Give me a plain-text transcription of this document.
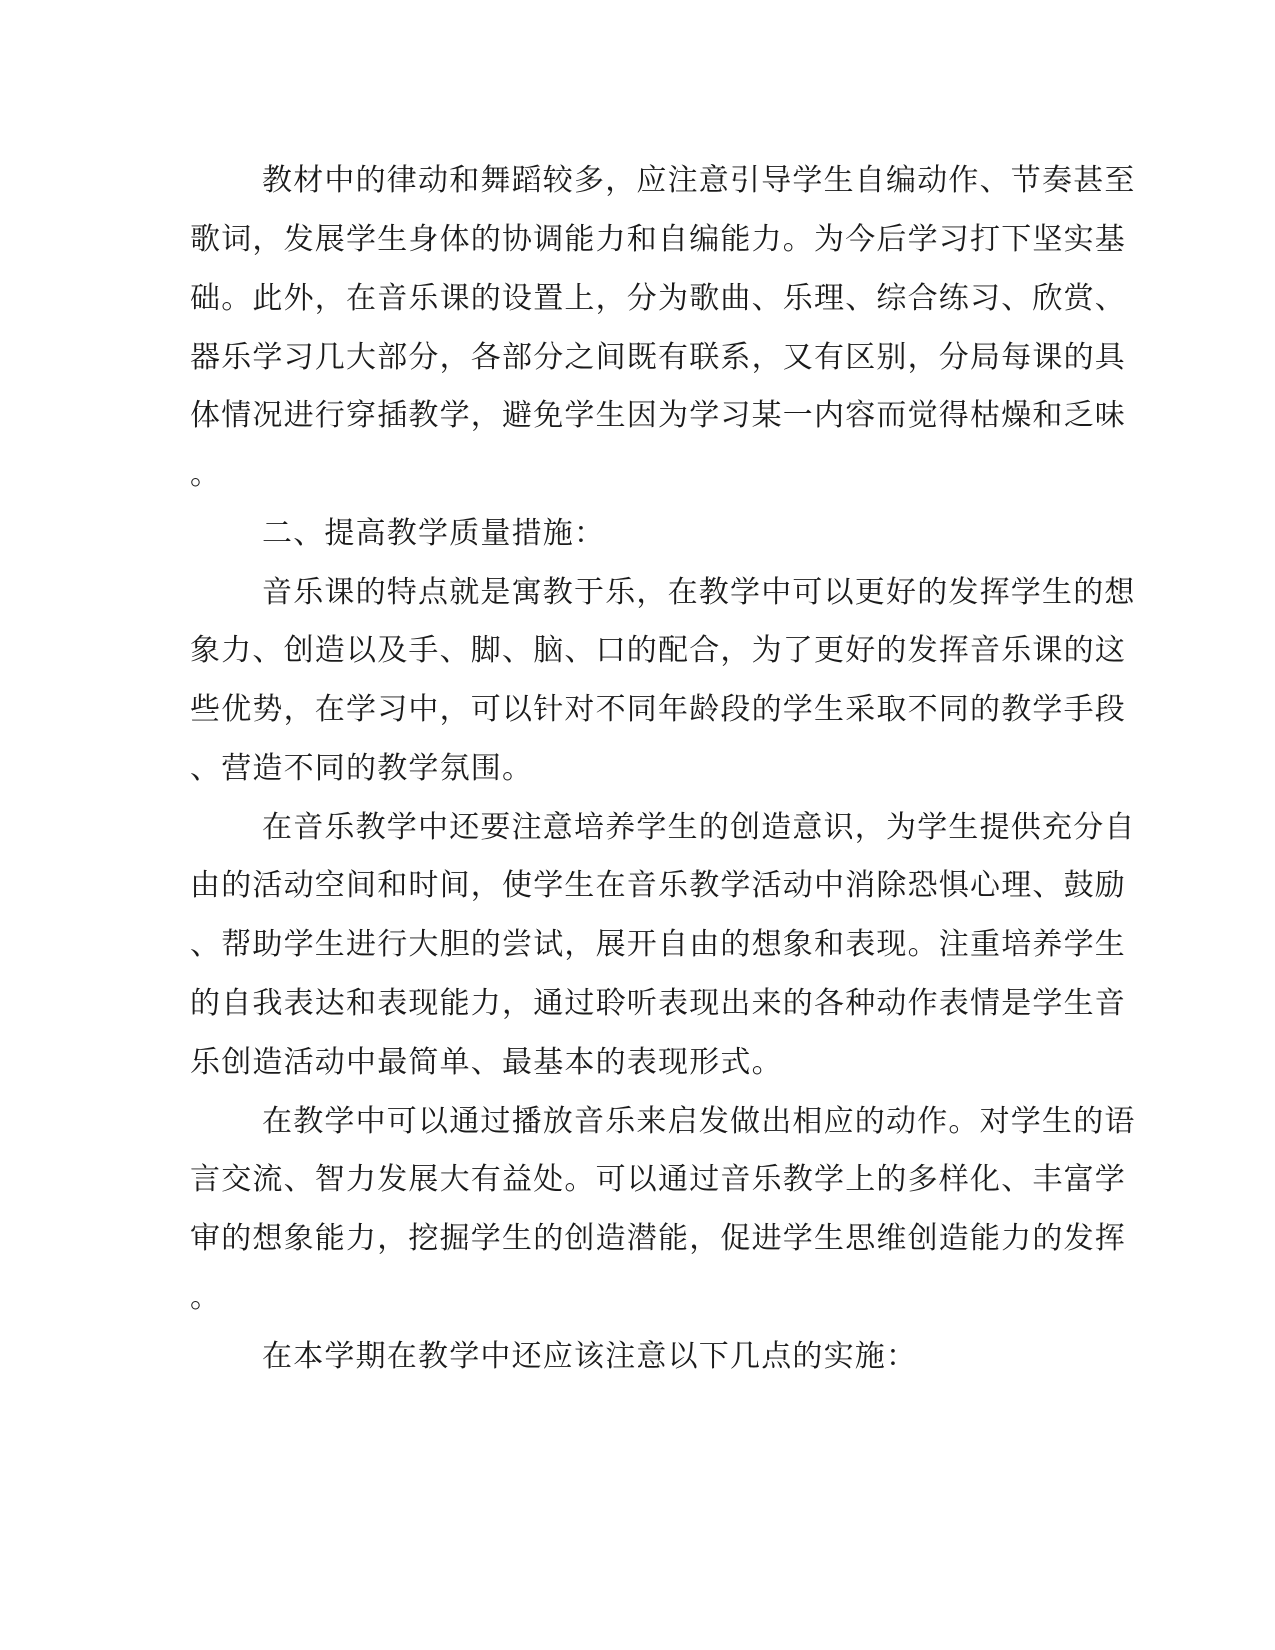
教材中的律动和舞蹈较多，应注意引导学生自编动作、节奏甚至
歌词，发展学生身体的协调能力和自编能力。为今后学习打下坚实基
础。此外，在音乐课的设置上，分为歌曲、乐理、综合练习、欣赏、
器乐学习几大部分，各部分之间既有联系，又有区别，分局每课的具
体情况进行穿插教学，避免学生因为学习某一内容而觉得枯燥和乏味
。
二、提高教学质量措施：
音乐课的特点就是寓教于乐，在教学中可以更好的发挥学生的想
象力、创造以及手、脚、脑、口的配合，为了更好的发挥音乐课的这
些优势，在学习中，可以针对不同年龄段的学生采取不同的教学手段
、营造不同的教学氛围。
在音乐教学中还要注意培养学生的创造意识，为学生提供充分自
由的活动空间和时间，使学生在音乐教学活动中消除恐惧心理、鼓励
、帮助学生进行大胆的尝试，展开自由的想象和表现。注重培养学生
的自我表达和表现能力，通过聆听表现出来的各种动作表情是学生音
乐创造活动中最简单、最基本的表现形式。
在教学中可以通过播放音乐来启发做出相应的动作。对学生的语
言交流、智力发展大有益处。可以通过音乐教学上的多样化、丰富学
审的想象能力，挖掘学生的创造潜能，促进学生思维创造能力的发挥
。
在本学期在教学中还应该注意以下几点的实施：
